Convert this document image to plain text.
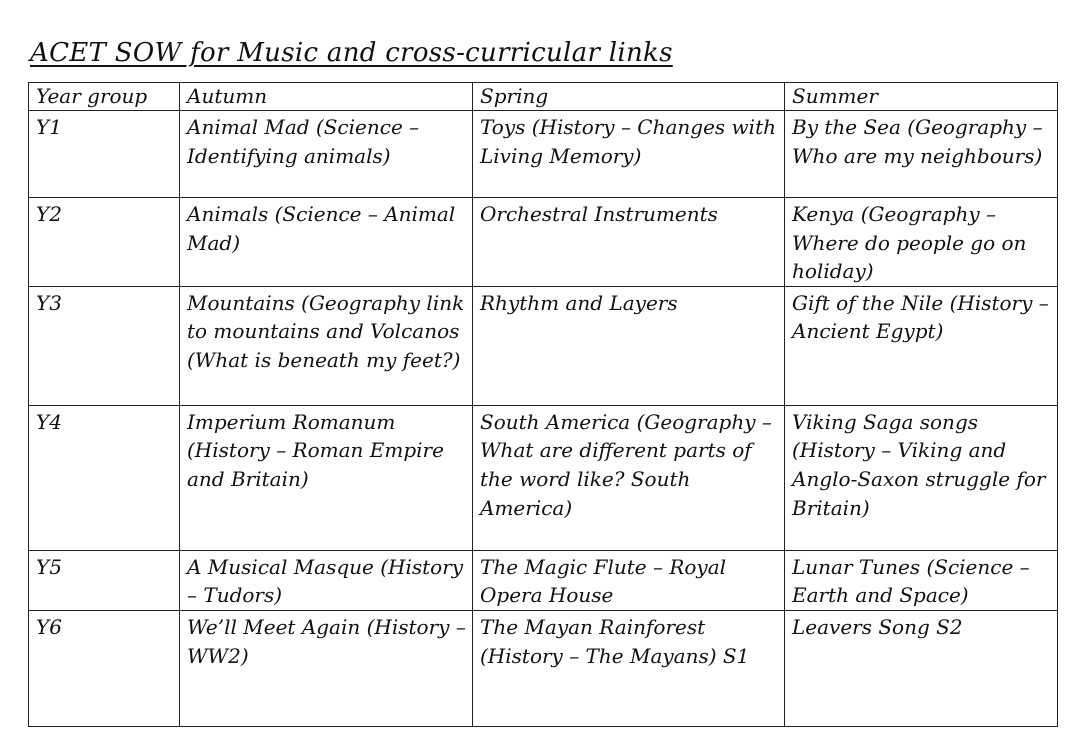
ACET SOW for Music and cross-curricular links
Year group	Autumn	Spring	Summer
Y1	Animal Mad (Science – Identifying animals)	Toys (History – Changes with Living Memory)	By the Sea (Geography – Who are my neighbours)
Y2	Animals (Science – Animal Mad)	Orchestral Instruments	Kenya (Geography – Where do people go on holiday)
Y3	Mountains (Geography link to mountains and Volcanos (What is beneath my feet?)	Rhythm and Layers	Gift of the Nile (History – Ancient Egypt)
Y4	Imperium Romanum (History – Roman Empire and Britain)	South America (Geography – What are different parts of the word like? South America)	Viking Saga songs (History – Viking and Anglo-Saxon struggle for Britain)
Y5	A Musical Masque (History – Tudors)	The Magic Flute – Royal Opera House	Lunar Tunes (Science – Earth and Space)
Y6	We’ll Meet Again (History – WW2)	The Mayan Rainforest (History – The Mayans) S1	Leavers Song S2
